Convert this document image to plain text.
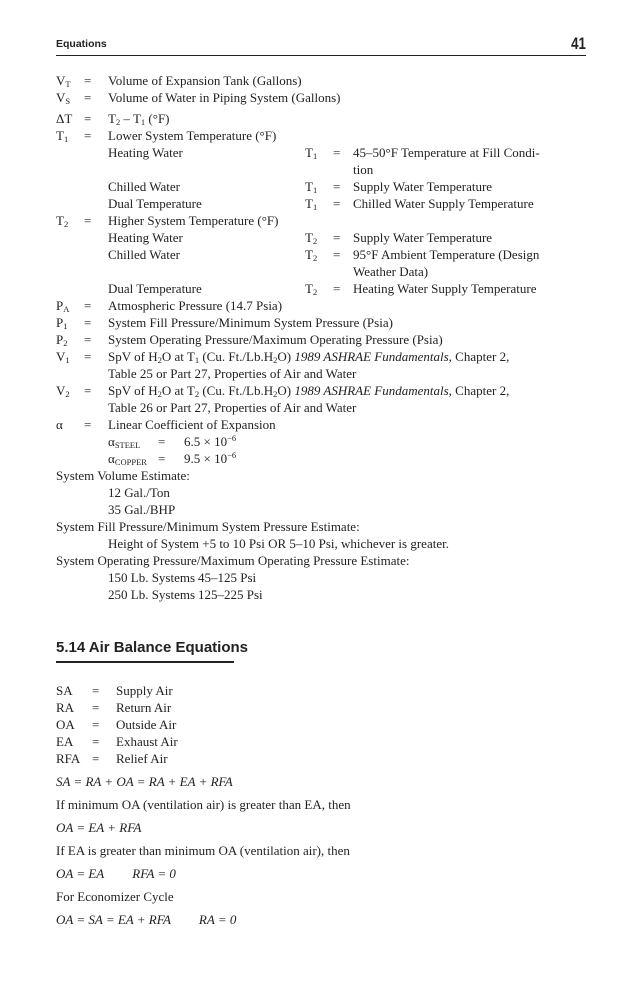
Equations	41
$V_T$	=	Volume of Expansion Tank (Gallons)
$V_S$	=	Volume of Water in Piping System (Gallons)
ΔT =	$T_2 - T_1$ (°F)
$T_1$	=	Lower System Temperature (°F)
Heating Water	$T_1$	= 45–50°F Temperature at Fill Condi-
tion
Chilled Water	$T_1$	= Supply Water Temperature
Dual Temperature	$T_1$	= Chilled Water Supply Temperature
$T_2$	=	Higher System Temperature (°F)
Heating Water	$T_2$	= Supply Water Temperature
Chilled Water	$T_2$	= 95°F Ambient Temperature (Design
Weather Data)
Dual Temperature	$T_2$	= Heating Water Supply Temperature
$P_A$	=	Atmospheric Pressure (14.7 Psia)
$P_1$	=	System Fill Pressure/Minimum System Pressure (Psia)
$P_2$	=	System Operating Pressure/Maximum Operating Pressure (Psia)
$V_1$	=	SpV of $H_2O$ at $T_1$ (Cu. $Ft./Lb.H_2O$) 1989 ASHRAE Fundamentals, Chapter 2,
Table 25 or Part 27, Properties of Air and Water
$V_2$	=	SpV of $H_2O$ at $T_2$ (Cu. $Ft./Lb.H_2O$) 1989 ASHRAE Fundamentals, Chapter 2,
Table 26 or Part 27, Properties of Air and Water
α	=	Linear Coefficient of Expansion
$\alpha_{STEEL}$	=	$6.5 \times 10^{-6}$
$\alpha_{COPPER}$ =	$9.5 \times 10^{-6}$
System Volume Estimate:
12 Gal./Ton
35 Gal./BHP
System Fill Pressure/Minimum System Pressure Estimate:
Height of System +5 to 10 Psi OR 5–10 Psi, whichever is greater.
System Operating Pressure/Maximum Operating Pressure Estimate:
150 Lb. Systems 45–125 Psi
250 Lb. Systems 125–225 Psi
5.14 Air Balance Equations
SA	=	Supply Air
RA	=	Return Air
OA	=	Outside Air
EA	=	Exhaust Air
RFA =	Relief Air
SA = RA + OA = RA + EA + RFA
If minimum OA (ventilation air) is greater than EA, then
OA = EA + RFA
If EA is greater than minimum OA (ventilation air), then
OA = EA RFA = 0
For Economizer Cycle
OA = SA = EA + RFA RA = 0
